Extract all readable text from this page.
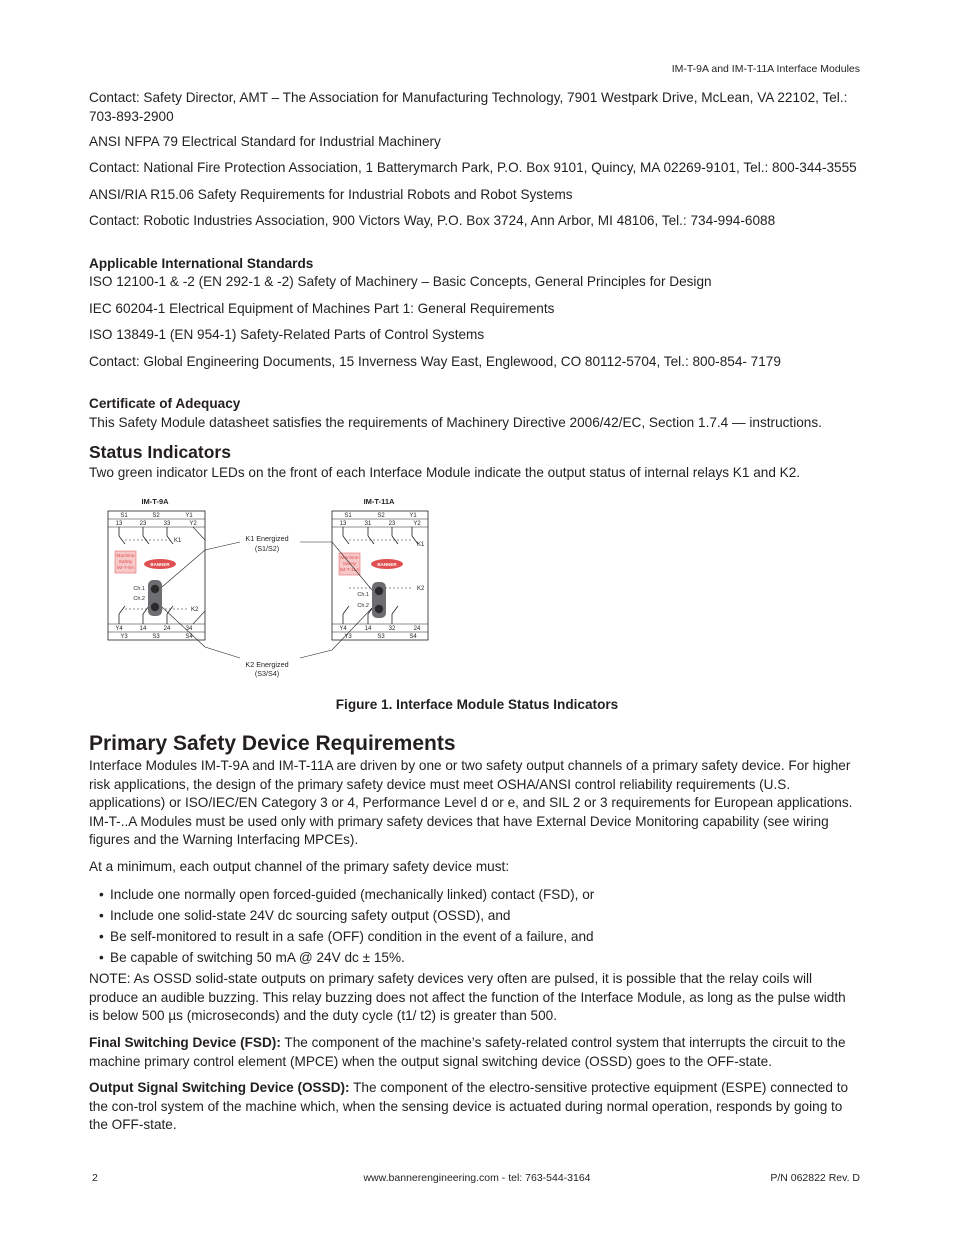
IM-T-9A and IM-T-11A Interface Modules

Contact: Safety Director, AMT – The Association for Manufacturing Technology, 7901 Westpark Drive, McLean, VA 22102, Tel.: 703-893-2900

ANSI NFPA 79 Electrical Standard for Industrial Machinery

Contact: National Fire Protection Association, 1 Batterymarch Park, P.O. Box 9101, Quincy, MA 02269-9101, Tel.: 800-344-3555

ANSI/RIA R15.06 Safety Requirements for Industrial Robots and Robot Systems

Contact: Robotic Industries Association, 900 Victors Way, P.O. Box 3724, Ann Arbor, MI 48106, Tel.: 734-994-6088

Applicable International Standards

ISO 12100-1 & -2 (EN 292-1 & -2) Safety of Machinery – Basic Concepts, General Principles for Design

IEC 60204-1 Electrical Equipment of Machines Part 1: General Requirements

ISO 13849-1 (EN 954-1) Safety-Related Parts of Control Systems

Contact: Global Engineering Documents, 15 Inverness Way East, Englewood, CO 80112-5704, Tel.: 800-854- 7179

Certificate of Adequacy

This Safety Module datasheet satisfies the requirements of Machinery Directive 2006/42/EC, Section 1.7.4 — instructions.

Status Indicators

Two green indicator LEDs on the front of each Interface Module indicate the output status of internal relays K1 and K2.

IM-T-9A
S1	S2	Y1
13	23	33	Y2
Y4	14	24	34
Y3	S3	S4
K1
K2
Machine
Safety
IM-T-9A
BANNER
Ch.1
Ch.2
IM-T-11A
S1	S2	Y1
13	31	23	Y2
Y4	14	32	24
Y3	S3	S4
K1
K2
Machine
Safety
IM-T-11A
BANNER
Ch.1
Ch.2
K1 Energized
(S1/S2)
K2 Energized
(S3/S4)

Figure 1. Interface Module Status Indicators

Primary Safety Device Requirements

Interface Modules IM-T-9A and IM-T-11A are driven by one or two safety output channels of a primary safety device. For higher risk applications, the design of the primary safety device must meet OSHA/ANSI control reliability requirements (U.S. applications) or ISO/IEC/EN Category 3 or 4, Performance Level d or e, and SIL 2 or 3 requirements for European applications. IM-T-..A Modules must be used only with primary safety devices that have External Device Monitoring capability (see wiring figures and the Warning Interfacing MPCEs).

At a minimum, each output channel of the primary safety device must:

• Include one normally open forced-guided (mechanically linked) contact (FSD), or
• Include one solid-state 24V dc sourcing safety output (OSSD), and
• Be self-monitored to result in a safe (OFF) condition in the event of a failure, and
• Be capable of switching 50 mA @ 24V dc ± 15%.

NOTE: As OSSD solid-state outputs on primary safety devices very often are pulsed, it is possible that the relay coils will produce an audible buzzing. This relay buzzing does not affect the function of the Interface Module, as long as the pulse width is below 500 µs (microseconds) and the duty cycle (t1/ t2) is greater than 500.

Final Switching Device (FSD): The component of the machine’s safety-related control system that interrupts the circuit to the machine primary control element (MPCE) when the output signal switching device (OSSD) goes to the OFF-state.

Output Signal Switching Device (OSSD): The component of the electro-sensitive protective equipment (ESPE) connected to the con-trol system of the machine which, when the sensing device is actuated during normal operation, responds by going to the OFF-state.

2	www.bannerengineering.com - tel: 763-544-3164	P/N 062822 Rev. D
